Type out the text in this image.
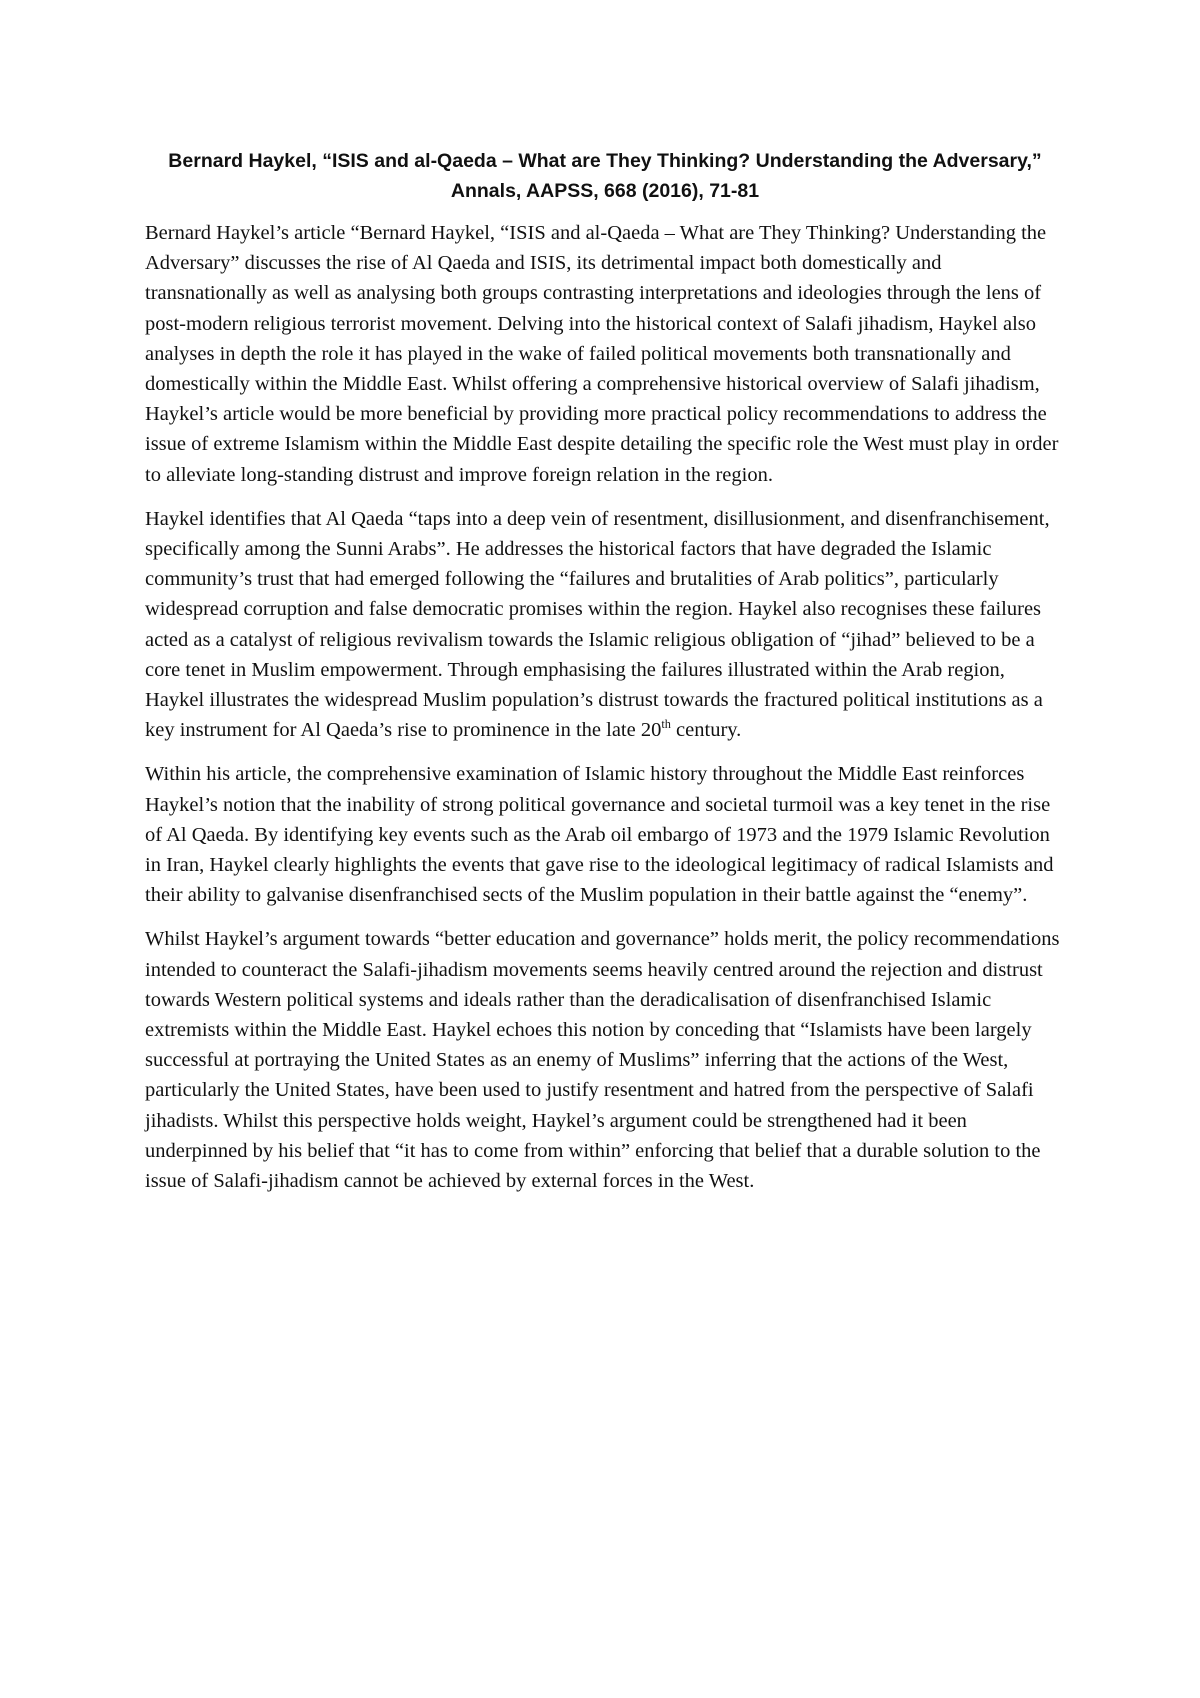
Bernard Haykel, “ISIS and al-Qaeda – What are They Thinking? Understanding the Adversary,” Annals, AAPSS, 668 (2016), 71-81

Bernard Haykel’s article “Bernard Haykel, “ISIS and al-Qaeda – What are They Thinking? Understanding the Adversary” discusses the rise of Al Qaeda and ISIS, its detrimental impact both domestically and transnationally as well as analysing both groups contrasting interpretations and ideologies through the lens of post-modern religious terrorist movement. Delving into the historical context of Salafi jihadism, Haykel also analyses in depth the role it has played in the wake of failed political movements both transnationally and domestically within the Middle East. Whilst offering a comprehensive historical overview of Salafi jihadism, Haykel’s article would be more beneficial by providing more practical policy recommendations to address the issue of extreme Islamism within the Middle East despite detailing the specific role the West must play in order to alleviate long-standing distrust and improve foreign relation in the region.

Haykel identifies that Al Qaeda “taps into a deep vein of resentment, disillusionment, and disenfranchisement, specifically among the Sunni Arabs”. He addresses the historical factors that have degraded the Islamic community’s trust that had emerged following the “failures and brutalities of Arab politics”, particularly widespread corruption and false democratic promises within the region. Haykel also recognises these failures acted as a catalyst of religious revivalism towards the Islamic religious obligation of “jihad” believed to be a core tenet in Muslim empowerment. Through emphasising the failures illustrated within the Arab region, Haykel illustrates the widespread Muslim population’s distrust towards the fractured political institutions as a key instrument for Al Qaeda’s rise to prominence in the late 20th century.

Within his article, the comprehensive examination of Islamic history throughout the Middle East reinforces Haykel’s notion that the inability of strong political governance and societal turmoil was a key tenet in the rise of Al Qaeda. By identifying key events such as the Arab oil embargo of 1973 and the 1979 Islamic Revolution in Iran, Haykel clearly highlights the events that gave rise to the ideological legitimacy of radical Islamists and their ability to galvanise disenfranchised sects of the Muslim population in their battle against the “enemy”.

Whilst Haykel’s argument towards “better education and governance” holds merit, the policy recommendations intended to counteract the Salafi-jihadism movements seems heavily centred around the rejection and distrust towards Western political systems and ideals rather than the deradicalisation of disenfranchised Islamic extremists within the Middle East. Haykel echoes this notion by conceding that “Islamists have been largely successful at portraying the United States as an enemy of Muslims” inferring that the actions of the West, particularly the United States, have been used to justify resentment and hatred from the perspective of Salafi jihadists. Whilst this perspective holds weight, Haykel’s argument could be strengthened had it been underpinned by his belief that “it has to come from within” enforcing that belief that a durable solution to the issue of Salafi-jihadism cannot be achieved by external forces in the West.
